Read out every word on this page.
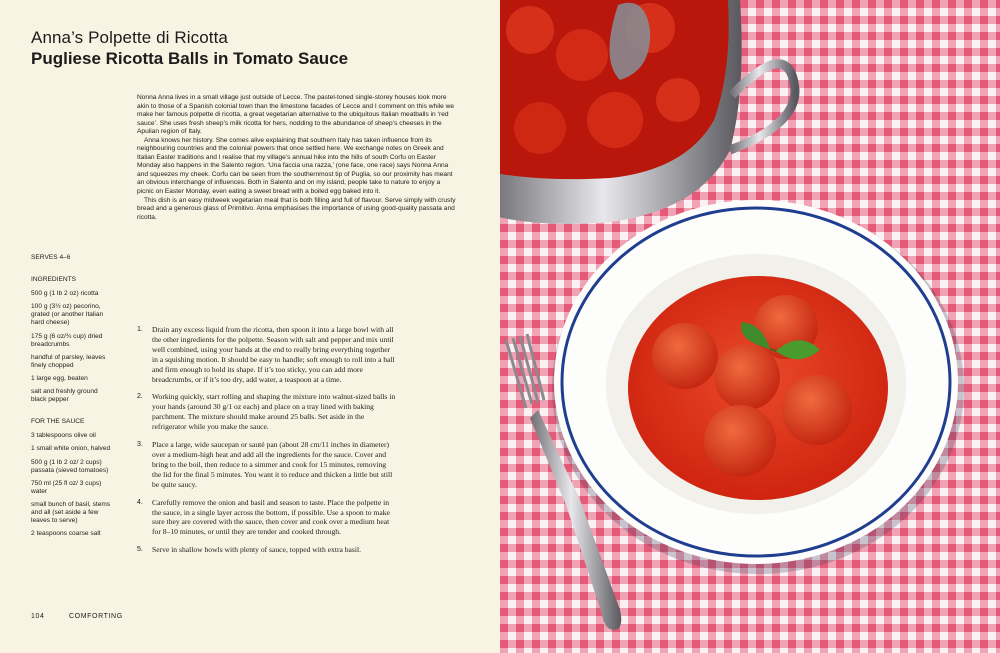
Anna’s Polpette di Ricotta
Pugliese Ricotta Balls in Tomato Sauce

Nonna Anna lives in a small village just outside of Lecce. The pastel-toned single-storey houses look more akin to those of a Spanish colonial town than the limestone facades of Lecce and I comment on this while we make her famous polpette di ricotta, a great vegetarian alternative to the ubiquitous Italian meatballs in ‘red sauce’. She uses fresh sheep’s milk ricotta for hers, nodding to the abundance of sheep’s cheeses in the Apulian region of Italy.

Anna knows her history. She comes alive explaining that southern Italy has taken influence from its neighbouring countries and the colonial powers that once settled here. We exchange notes on Greek and Italian Easter traditions and I realise that my village’s annual hike into the hills of south Corfu on Easter Monday also happens in the Salento region. ‘Una faccia una razza,’ (one face, one race) says Nonna Anna and squeezes my cheek. Corfu can be seen from the southernmost tip of Puglia, so our proximity has meant an obvious interchange of influences. Both in Salento and on my island, people take to nature to enjoy a picnic on Easter Monday, even eating a sweet bread with a boiled egg baked into it.

This dish is an easy midweek vegetarian meal that is both filling and full of flavour. Serve simply with crusty bread and a generous glass of Primitivo. Anna emphasises the importance of using good-quality passata and ricotta.

SERVES 4–6
INGREDIENTS
500 g (1 lb 2 oz) ricotta
100 g (3½ oz) pecorino, grated (or another Italian hard cheese)
175 g (6 oz/¾ cup) dried breadcrumbs
handful of parsley, leaves finely chopped
1 large egg, beaten
salt and freshly ground black pepper
FOR THE SAUCE
3 tablespoons olive oil
1 small white onion, halved
500 g (1 lb 2 oz/ 2 cups) passata (sieved tomatoes)
750 ml (25 fl oz/ 3 cups) water
small bunch of basil, stems and all (set aside a few leaves to serve)
2 teaspoons coarse salt
1. Drain any excess liquid from the ricotta, then spoon it into a large bowl with all the other ingredients for the polpette. Season with salt and pepper and mix until well combined, using your hands at the end to really bring everything together in a squishing motion. It should be easy to handle; soft enough to roll into a ball and firm enough to hold its shape. If it’s too sticky, you can add more breadcrumbs, or if it’s too dry, add water, a teaspoon at a time.
2. Working quickly, start rolling and shaping the mixture into walnut-sized balls in your hands (around 30 g/1 oz each) and place on a tray lined with baking parchment. The mixture should make around 25 balls. Set aside in the refrigerator while you make the sauce.
3. Place a large, wide saucepan or sauté pan (about 28 cm/11 inches in diameter) over a medium-high heat and add all the ingredients for the sauce. Cover and bring to the boil, then reduce to a simmer and cook for 15 minutes, removing the lid for the final 5 minutes. You want it to reduce and thicken a little but still be quite saucy.
4. Carefully remove the onion and basil and season to taste. Place the polpette in the sauce, in a single layer across the bottom, if possible. Use a spoon to make sure they are covered with the sauce, then cover and cook over a medium heat for 8–10 minutes, or until they are tender and cooked through.
5. Serve in shallow bowls with plenty of sauce, topped with extra basil.
104	COMFORTING
